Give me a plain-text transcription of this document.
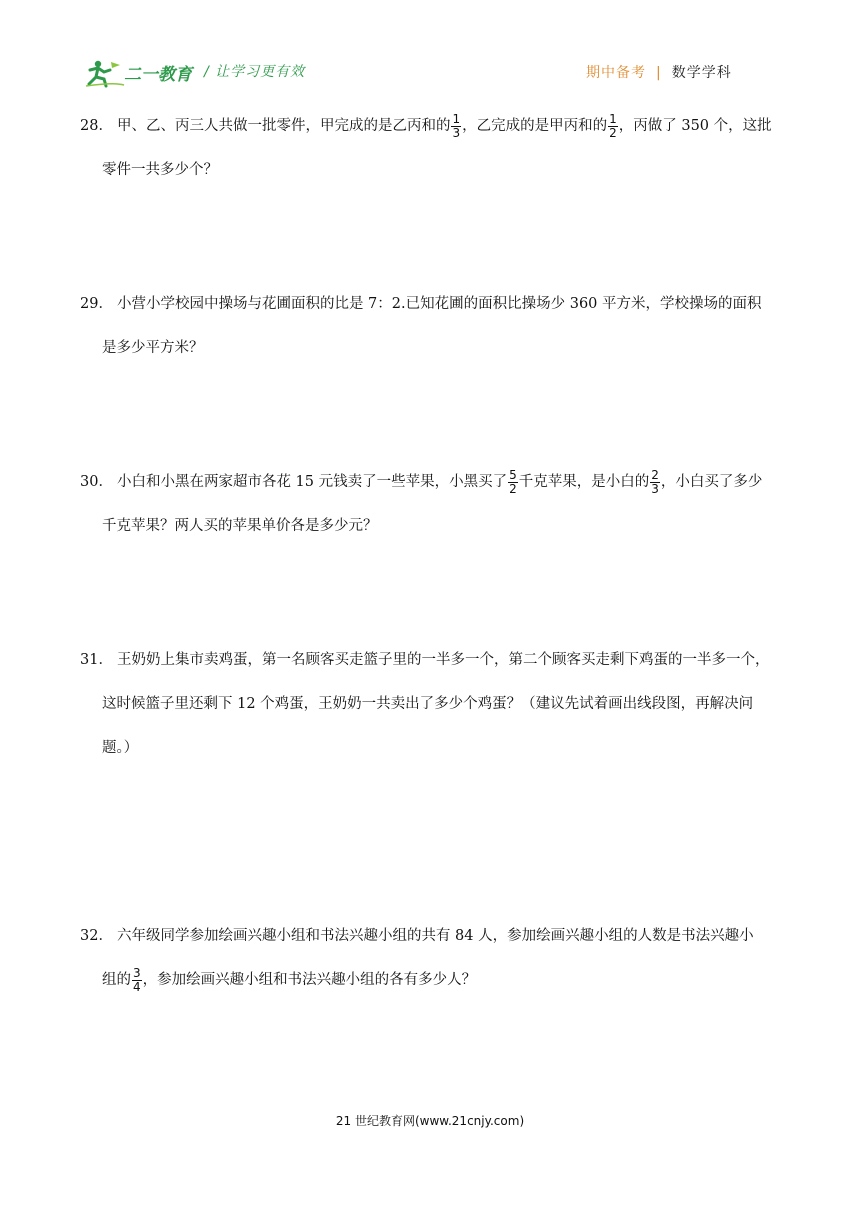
二一教育 / 让学习更有效	期中备考 | 数学学科
28． 甲、乙、丙三人共做一批零件，甲完成的是乙丙和的 $\frac{1}{3}$ ，乙完成的是甲丙和的 $\frac{1}{2}$ ，丙做了 350 个，这批
零件一共多少个？
29． 小营小学校园中操场与花圃面积的比是 7：2.已知花圃的面积比操场少 360 平方米，学校操场的面积
是多少平方米？
30． 小白和小黑在两家超市各花 15 元钱卖了一些苹果，小黑买了 $\frac{5}{2}$ 千克苹果，是小白的 $\frac{2}{3}$ ，小白买了多少
千克苹果？两人买的苹果单价各是多少元？
31． 王奶奶上集市卖鸡蛋，第一名顾客买走篮子里的一半多一个，第二个顾客买走剩下鸡蛋的一半多一个，
这时候篮子里还剩下 12 个鸡蛋，王奶奶一共卖出了多少个鸡蛋？（建议先试着画出线段图，再解决问
题。）
32． 六年级同学参加绘画兴趣小组和书法兴趣小组的共有 84 人，参加绘画兴趣小组的人数是书法兴趣小
组的 $\frac{3}{4}$ ，参加绘画兴趣小组和书法兴趣小组的各有多少人？
21 世纪教育网(www.21cnjy.com)
